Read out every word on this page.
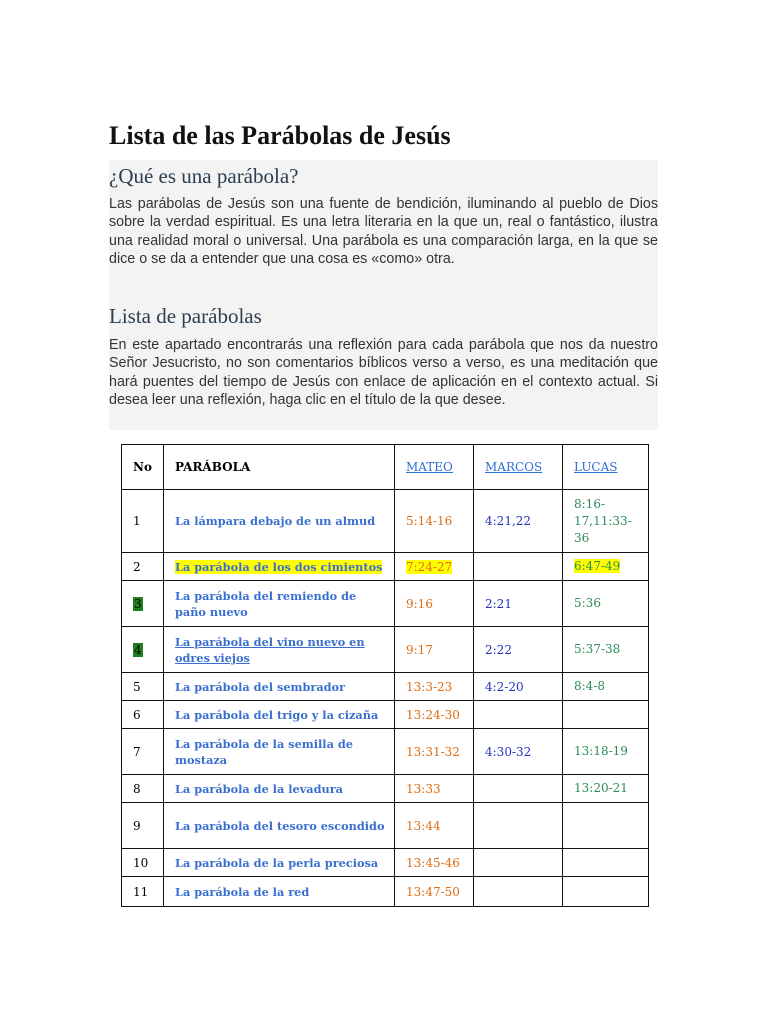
Lista de las Parábolas de Jesús
¿Qué es una parábola?

Las parábolas de Jesús son una fuente de bendición, iluminando al pueblo de Dios sobre la verdad espiritual. Es una letra literaria en la que un, real o fantástico, ilustra una realidad moral o universal. Una parábola es una comparación larga, en la que se dice o se da a entender que una cosa es «como» otra.

Lista de parábolas

En este apartado encontrarás una reflexión para cada parábola que nos da nuestro Señor Jesucristo, no son comentarios bíblicos verso a verso, es una meditación que hará puentes del tiempo de Jesús con enlace de aplicación en el contexto actual. Si desea leer una reflexión, haga clic en el título de la que desee.

No	PARÁBOLA	MATEO	MARCOS	LUCAS
1	La lámpara debajo de un almud	5:14-16	4:21,22	8:16-17,11:33-36

2	La parábola de los dos cimientos	7:24-27		6:47-49
3	La parábola del remiendo de paño nuevo	9:16	2:21	5:36
4	La parábola del vino nuevo en odres viejos	9:17	2:22	5:37-38
5	La parábola del sembrador	13:3-23	4:2-20	8:4-8
6	La parábola del trigo y la cizaña	13:24-30		
7	La parábola de la semilla de mostaza	13:31-32	4:30-32	13:18-19
8	La parábola de la levadura	13:33		13:20-21
9	La parábola del tesoro escondido	13:44		
10	La parábola de la perla preciosa	13:45-46		
11	La parábola de la red	13:47-50		
